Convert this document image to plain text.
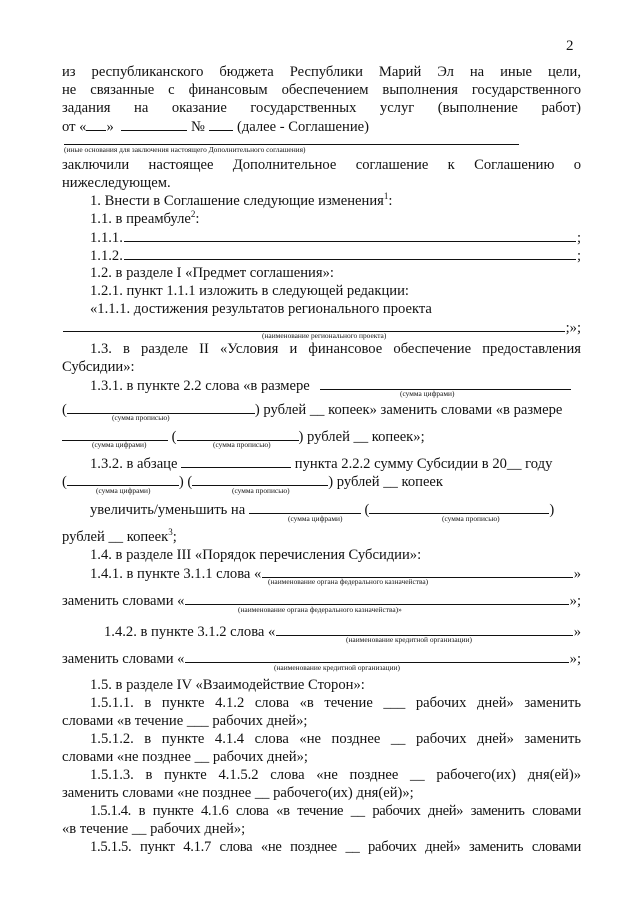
2
из республиканского бюджета Республики Марий Эл на иные цели,
не связанные с финансовым обеспечением выполнения государственного
задания на оказание государственных услуг (выполнение работ)
от « »	№ (далее - Соглашение)
(иные основания для заключения настоящего Дополнительного соглашения)
заключили настоящее Дополнительное соглашение к Соглашению о
нижеследующем.
1. Внести в Соглашение следующие изменения$^1$:
1.1. в преамбуле$^2$:
1.1.1.	;
1.1.2.	;
1.2. в разделе I «Предмет соглашения»:
1.2.1. пункт 1.1.1 изложить в следующей редакции:
«1.1.1. достижения результатов регионального проекта
;»;
(наименование регионального проекта)
1.3. в разделе II «Условия и финансовое обеспечение предоставления
Субсидии»:
1.3.1. в пункте 2.2 слова «в размере	(сумма цифрами)
(	) рублей __ копеек» заменить словами «в размере
(сумма прописью)
(	) рублей __ копеек»;
(сумма цифрами)	(сумма прописью)
1.3.2. в абзаце	пункта 2.2.2 сумму Субсидии в 20__ году
(	) (	) рублей __ копеек
(сумма цифрами)	(сумма прописью)
увеличить/уменьшить на	(	)
(сумма цифрами)	(сумма прописью)
рублей __ копеек$^3$;
1.4. в разделе III «Порядок перечисления Субсидии»:
1.4.1. в пункте 3.1.1 слова «	»
(наименование органа федерального казначейства)
заменить словами «	»;
(наименование органа федерального казначейства)»
1.4.2. в пункте 3.1.2 слова «	»
(наименование кредитной организации)
заменить словами «	»;
(наименование кредитной организации)
1.5. в разделе IV «Взаимодействие Сторон»:
1.5.1.1. в пункте 4.1.2 слова «в течение ___ рабочих дней» заменить
словами «в течение ___ рабочих дней»;
1.5.1.2. в пункте 4.1.4 слова «не позднее __ рабочих дней» заменить
словами «не позднее __ рабочих дней»;
1.5.1.3. в пункте 4.1.5.2 слова «не позднее __ рабочего(их) дня(ей)»
заменить словами «не позднее __ рабочего(их) дня(ей)»;
1.5.1.4. в пункте 4.1.6 слова «в течение __ рабочих дней» заменить словами
«в течение __ рабочих дней»;
1.5.1.5. пункт 4.1.7 слова «не позднее __ рабочих дней» заменить словами
